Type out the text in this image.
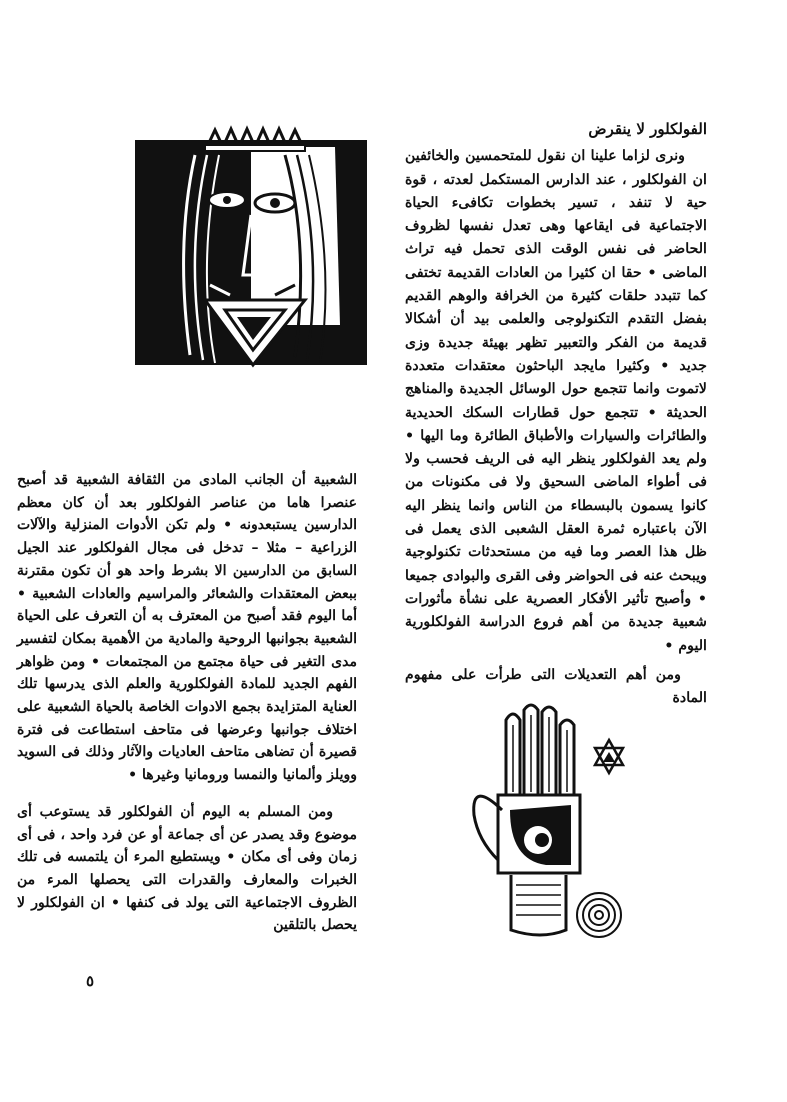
الفولكلور لا ينقرض

ونرى لزاما علينا ان نقول للمتحمسين والخائفين ان الفولكلور ، عند الدارس المستكمل لعدته ، قوة حية لا تنفد ، تسير بخطوات تكافىء الحياة الاجتماعية فى ايقاعها وهى تعدل نفسها لظروف الحاضر فى نفس الوقت الذى تحمل فيه تراث الماضى • حقا ان كثيرا من العادات القديمة تختفى كما تتبدد حلقات كثيرة من الخرافة والوهم القديم بفضل التقدم التكنولوجى والعلمى بيد أن أشكالا قديمة من الفكر والتعبير تظهر بهيئة جديدة وزى جديد • وكثيرا مايجد الباحثون معتقدات متعددة لاتموت وانما تتجمع حول الوسائل الجديدة والمناهج الحديثة • تتجمع حول قطارات السكك الحديدية والطائرات والسيارات والأطباق الطائرة وما اليها • ولم يعد الفولكلور ينظر اليه فى الريف فحسب ولا فى أطواء الماضى السحيق ولا فى مكنونات من كانوا يسمون بالبسطاء من الناس وانما ينظر اليه الآن باعتباره ثمرة العقل الشعبى الذى يعمل فى ظل هذا العصر وما فيه من مستحدثات تكنولوجية ويبحث عنه فى الحواضر وفى القرى والبوادى جميعا • وأصبح تأثير الأفكار العصرية على نشأة مأثورات شعبية جديدة من أهم فروع الدراسة الفولكلورية اليوم •

ومن أهم التعديلات التى طرأت على مفهوم المادة

الشعبية أن الجانب المادى من الثقافة الشعبية قد أصبح عنصرا هاما من عناصر الفولكلور بعد أن كان معظم الدارسين يستبعدونه • ولم تكن الأدوات المنزلية والآلات الزراعية – مثلا – تدخل فى مجال الفولكلور عند الجيل السابق من الدارسين الا بشرط واحد هو أن تكون مقترنة ببعض المعتقدات والشعائر والمراسيم والعادات الشعبية • أما اليوم فقد أصبح من المعترف به أن التعرف على الحياة الشعبية بجوانبها الروحية والمادية من الأهمية بمكان لتفسير مدى التغير فى حياة مجتمع من المجتمعات • ومن ظواهر الفهم الجديد للمادة الفولكلورية والعلم الذى يدرسها تلك العناية المتزايدة بجمع الادوات الخاصة بالحياة الشعبية على اختلاف جوانبها وعرضها فى متاحف استطاعت فى فترة قصيرة أن تضاهى متاحف العاديات والآثار وذلك فى السويد وويلز وألمانيا والنمسا ورومانيا وغيرها •

ومن المسلم به اليوم أن الفولكلور قد يستوعب أى موضوع وقد يصدر عن أى جماعة أو عن فرد واحد ، فى أى زمان وفى أى مكان • ويستطيع المرء أن يلتمسه فى تلك الخبرات والمعارف والقدرات التى يحصلها المرء من الظروف الاجتماعية التى يولد فى كنفها • ان الفولكلور لا يحصل بالتلقين

٥
